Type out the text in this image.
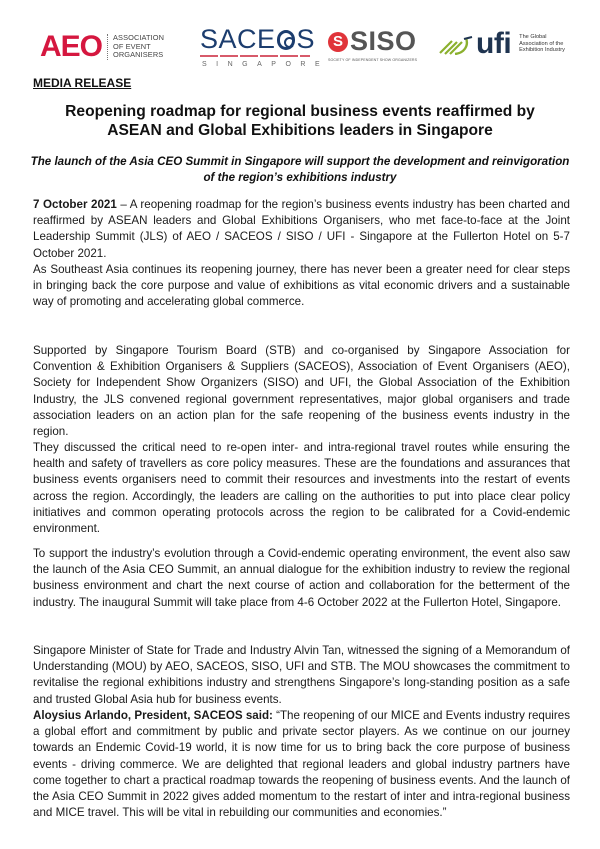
AEO ASSOCIATION
OF EVENT
ORGANISERS
SACE S
SINGAPORE
S
SISO
SOCIETY OF INDEPENDENT SHOW ORGANIZERS	ufi The Global
Association of the
Exhibition Industry
MEDIA RELEASE
Reopening roadmap for regional business events reaffirmed by ASEAN and Global Exhibitions leaders in Singapore
The launch of the Asia CEO Summit in Singapore will support the development and reinvigoration of the region’s exhibitions industry

7 October 2021 – A reopening roadmap for the region’s business events industry has been charted and reaffirmed by ASEAN leaders and Global Exhibitions Organisers, who met face-to-face at the Joint Leadership Summit (JLS) of AEO / SACEOS / SISO / UFI - Singapore at the Fullerton Hotel on 5-7 October 2021.

As Southeast Asia continues its reopening journey, there has never been a greater need for clear steps in bringing back the core purpose and value of exhibitions as vital economic drivers and a sustainable way of promoting and accelerating global commerce.

Supported by Singapore Tourism Board (STB) and co-organised by Singapore Association for Convention & Exhibition Organisers & Suppliers (SACEOS), Association of Event Organisers (AEO), Society for Independent Show Organizers (SISO) and UFI, the Global Association of the Exhibition Industry, the JLS convened regional government representatives, major global organisers and trade association leaders on an action plan for the safe reopening of the business events industry in the region.

They discussed the critical need to re-open inter- and intra-regional travel routes while ensuring the health and safety of travellers as core policy measures. These are the foundations and assurances that business events organisers need to commit their resources and investments into the restart of events across the region. Accordingly, the leaders are calling on the authorities to put into place clear policy initiatives and common operating protocols across the region to be calibrated for a Covid-endemic environment.

To support the industry’s evolution through a Covid-endemic operating environment, the event also saw the launch of the Asia CEO Summit, an annual dialogue for the exhibition industry to review the regional business environment and chart the next course of action and collaboration for the betterment of the industry. The inaugural Summit will take place from 4-6 October 2022 at the Fullerton Hotel, Singapore.

Singapore Minister of State for Trade and Industry Alvin Tan, witnessed the signing of a Memorandum of Understanding (MOU) by AEO, SACEOS, SISO, UFI and STB. The MOU showcases the commitment to revitalise the regional exhibitions industry and strengthens Singapore’s long-standing position as a safe and trusted Global Asia hub for business events.

Aloysius Arlando, President, SACEOS said: “The reopening of our MICE and Events industry requires a global effort and commitment by public and private sector players. As we continue on our journey towards an Endemic Covid-19 world, it is now time for us to bring back the core purpose of business events - driving commerce. We are delighted that regional leaders and global industry partners have come together to chart a practical roadmap towards the reopening of business events. And the launch of the Asia CEO Summit in 2022 gives added momentum to the restart of inter and intra-regional business and MICE travel. This will be vital in rebuilding our communities and economies.”
